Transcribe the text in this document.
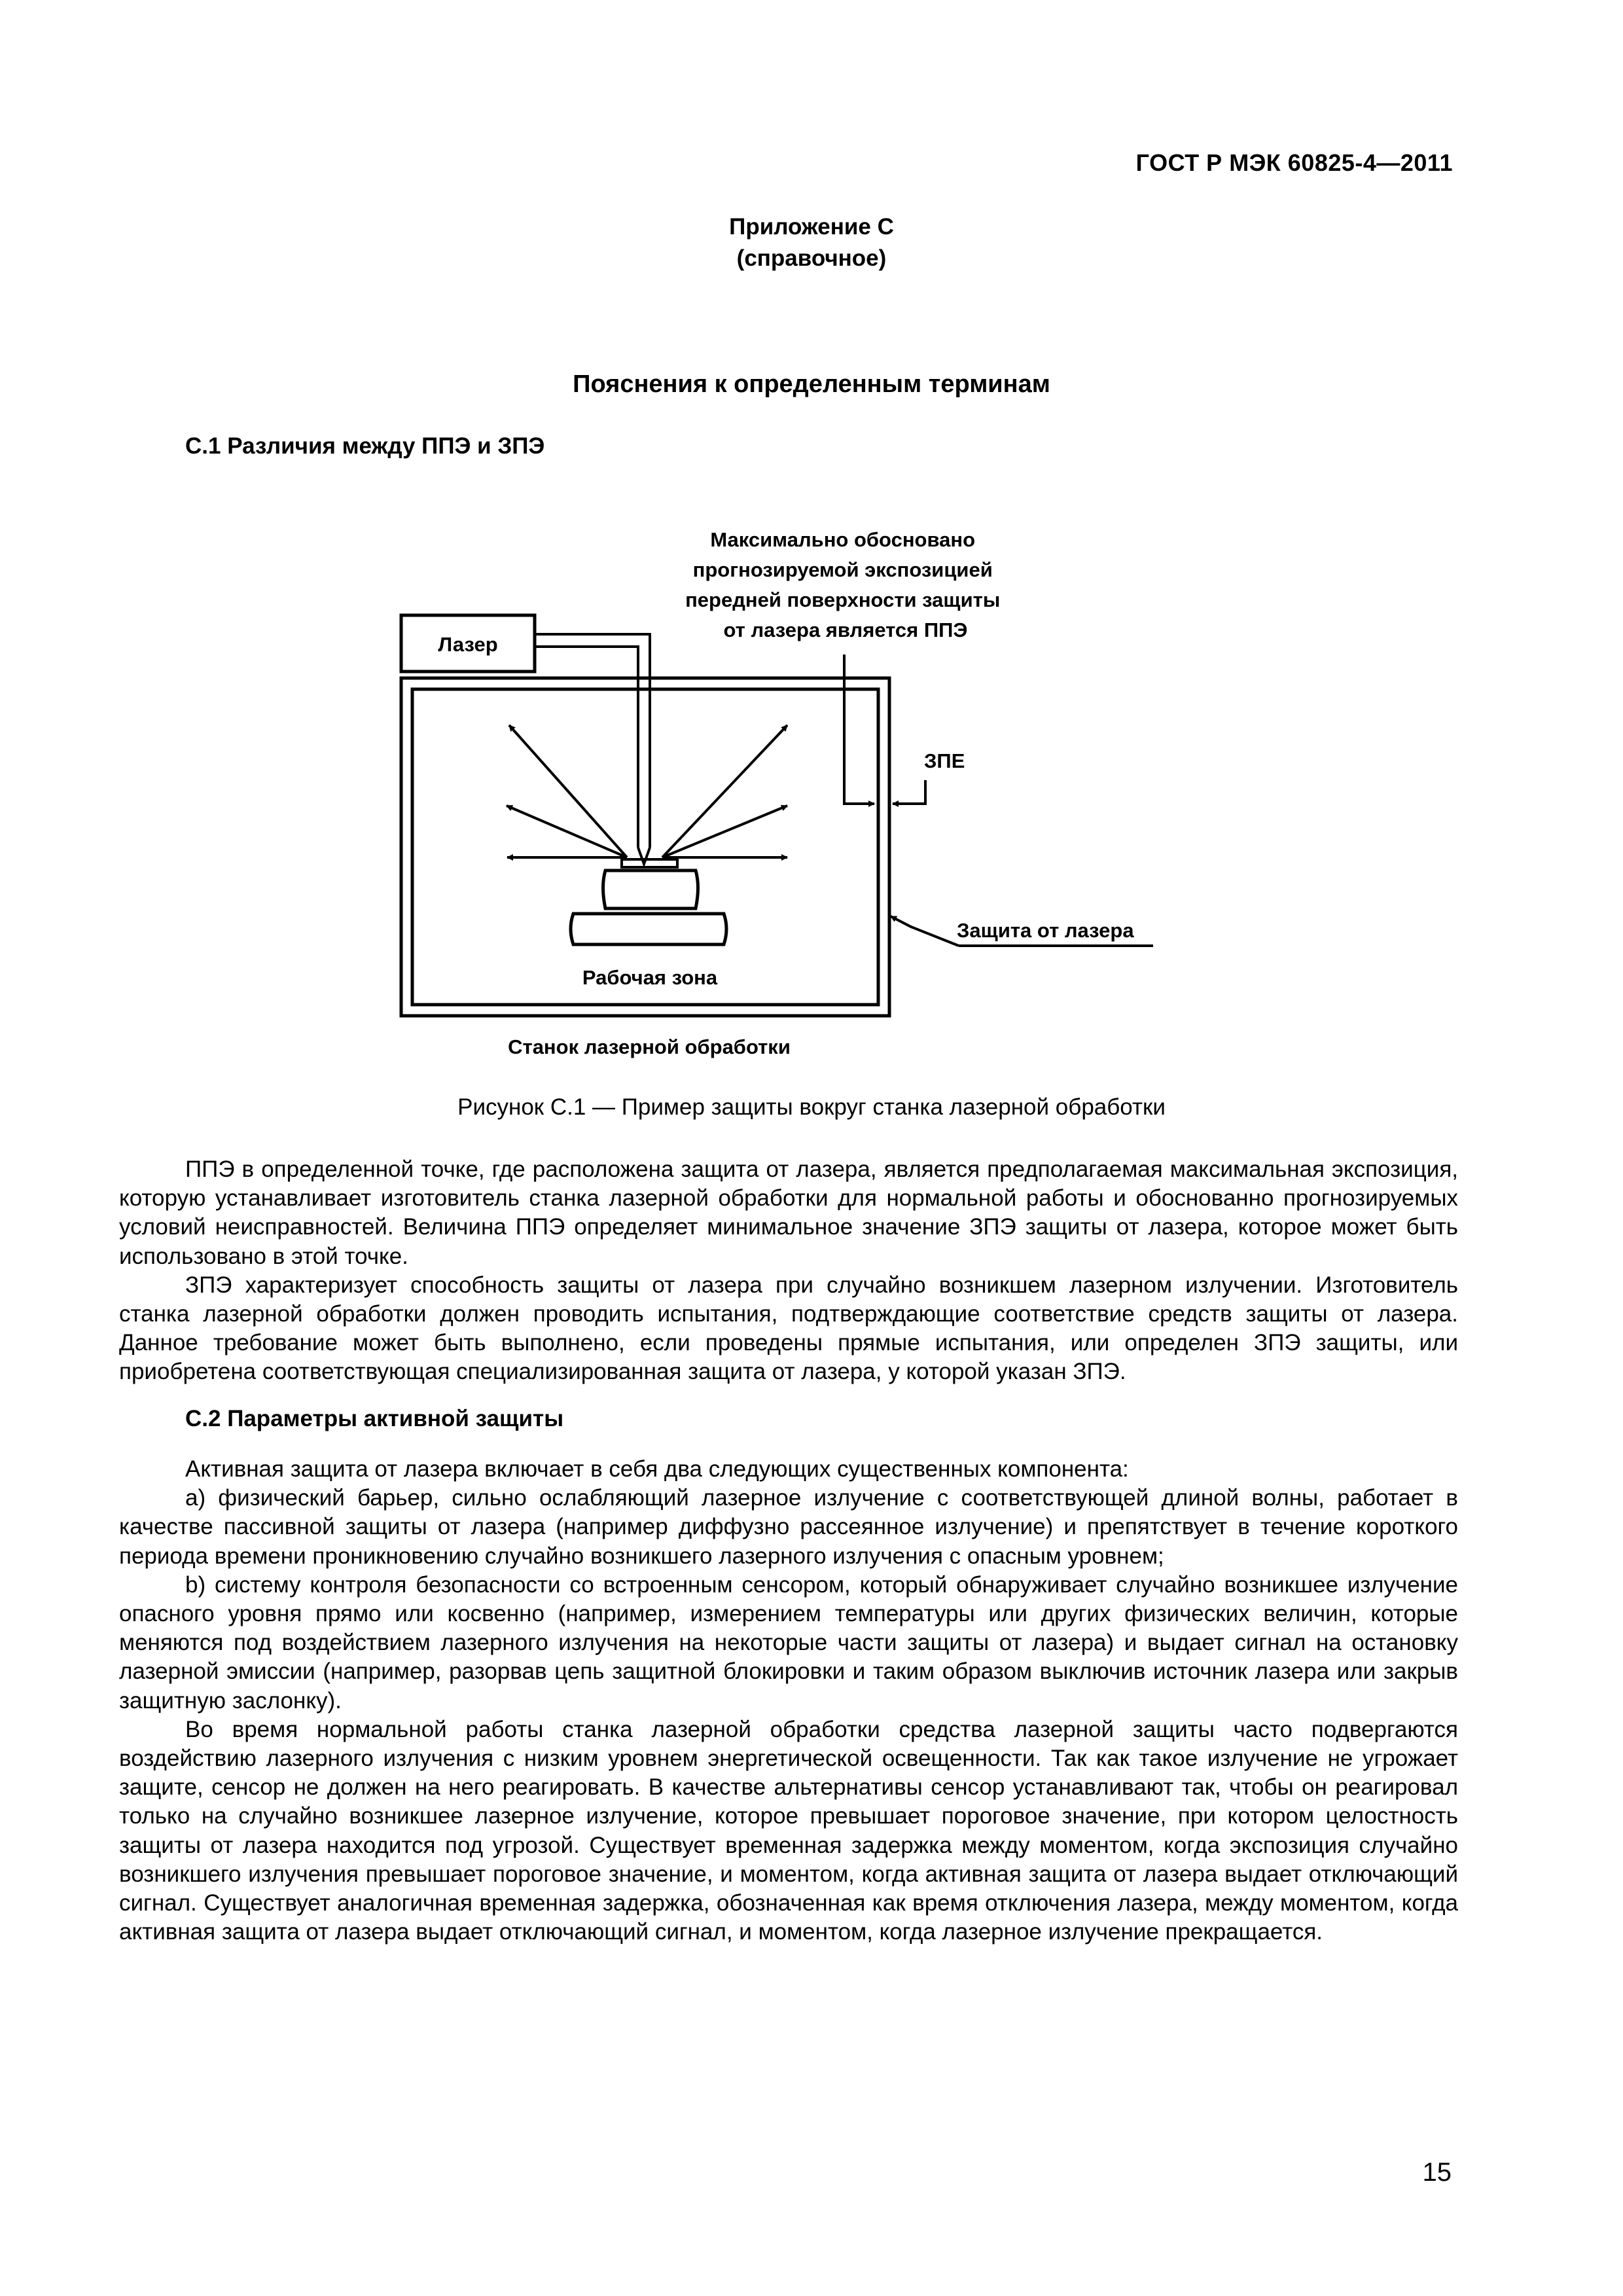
ГОСТ Р МЭК 60825-4—2011
Приложение С
(справочное)
Пояснения к определенным терминам
С.1 Различия между ППЭ и ЗПЭ
Максимально обосновано прогнозируемой экспозицией передней поверхности защиты от лазера является ППЭ
Лазер
ЗПЕ
Защита от лазера
Рабочая зона
Станок лазерной обработки
Рисунок С.1 — Пример защиты вокруг станка лазерной обработки

ППЭ в определенной точке, где расположена защита от лазера, является предполагаемая максимальная экспозиция, которую устанавливает изготовитель станка лазерной обработки для нормальной работы и обоснованно прогнозируемых условий неисправностей. Величина ППЭ определяет минимальное значение ЗПЭ защиты от лазера, которое может быть использовано в этой точке.

ЗПЭ характеризует способность защиты от лазера при случайно возникшем лазерном излучении. Изготовитель станка лазерной обработки должен проводить испытания, подтверждающие соответствие средств защиты от лазера. Данное требование может быть выполнено, если проведены прямые испытания, или определен ЗПЭ защиты, или приобретена соответствующая специализированная защита от лазера, у которой указан ЗПЭ.

С.2 Параметры активной защиты

Активная защита от лазера включает в себя два следующих существенных компонента:

a) физический барьер, сильно ослабляющий лазерное излучение с соответствующей длиной волны, работает в качестве пассивной защиты от лазера (например диффузно рассеянное излучение) и препятствует в течение короткого периода времени проникновению случайно возникшего лазерного излучения с опасным уровнем;

b) систему контроля безопасности со встроенным сенсором, который обнаруживает случайно возникшее излучение опасного уровня прямо или косвенно (например, измерением температуры или других физических величин, которые меняются под воздействием лазерного излучения на некоторые части защиты от лазера) и выдает сигнал на остановку лазерной эмиссии (например, разорвав цепь защитной блокировки и таким образом выключив источник лазера или закрыв защитную заслонку).

Во время нормальной работы станка лазерной обработки средства лазерной защиты часто подвергаются воздействию лазерного излучения с низким уровнем энергетической освещенности. Так как такое излучение не угрожает защите, сенсор не должен на него реагировать. В качестве альтернативы сенсор устанавливают так, чтобы он реагировал только на случайно возникшее лазерное излучение, которое превышает пороговое значение, при котором целостность защиты от лазера находится под угрозой. Существует временная задержка между моментом, когда экспозиция случайно возникшего излучения превышает пороговое значение, и моментом, когда активная защита от лазера выдает отключающий сигнал. Существует аналогичная временная задержка, обозначенная как время отключения лазера, между моментом, когда активная защита от лазера выдает отключающий сигнал, и моментом, когда лазерное излучение прекращается.

15
